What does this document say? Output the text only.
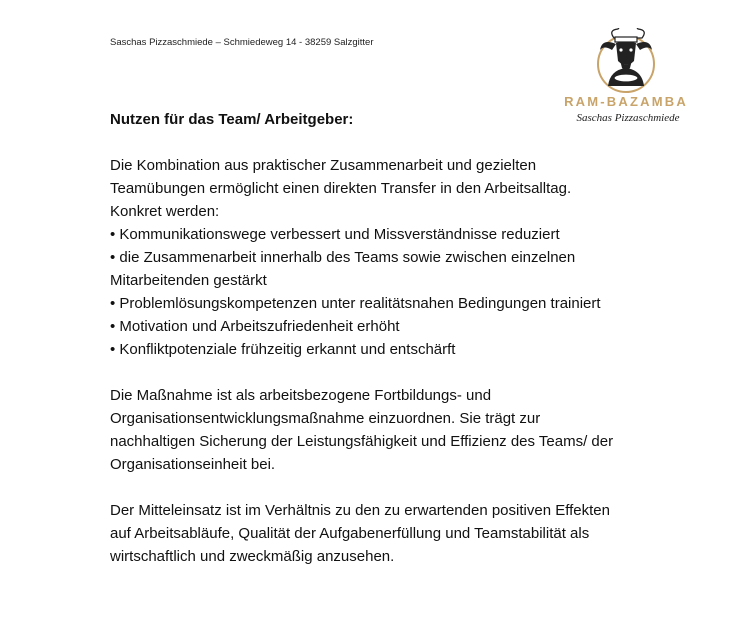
Saschas Pizzaschmiede – Schmiedeweg 14 - 38259 Salzgitter
RAM-BAZAMBA
Saschas Pizzaschmiede

Nutzen für das Team/ Arbeitgeber:

Die Kombination aus praktischer Zusammenarbeit und gezielten

Teamübungen ermöglicht einen direkten Transfer in den Arbeitsalltag.

Konkret werden:

• Kommunikationswege verbessert und Missverständnisse reduziert

• die Zusammenarbeit innerhalb des Teams sowie zwischen einzelnen

Mitarbeitenden gestärkt

• Problemlösungskompetenzen unter realitätsnahen Bedingungen trainiert

• Motivation und Arbeitszufriedenheit erhöht

• Konfliktpotenziale frühzeitig erkannt und entschärft

Die Maßnahme ist als arbeitsbezogene Fortbildungs- und

Organisationsentwicklungsmaßnahme einzuordnen. Sie trägt zur

nachhaltigen Sicherung der Leistungsfähigkeit und Effizienz des Teams/ der

Organisationseinheit bei.

Der Mitteleinsatz ist im Verhältnis zu den zu erwartenden positiven Effekten

auf Arbeitsabläufe, Qualität der Aufgabenerfüllung und Teamstabilität als

wirtschaftlich und zweckmäßig anzusehen.
